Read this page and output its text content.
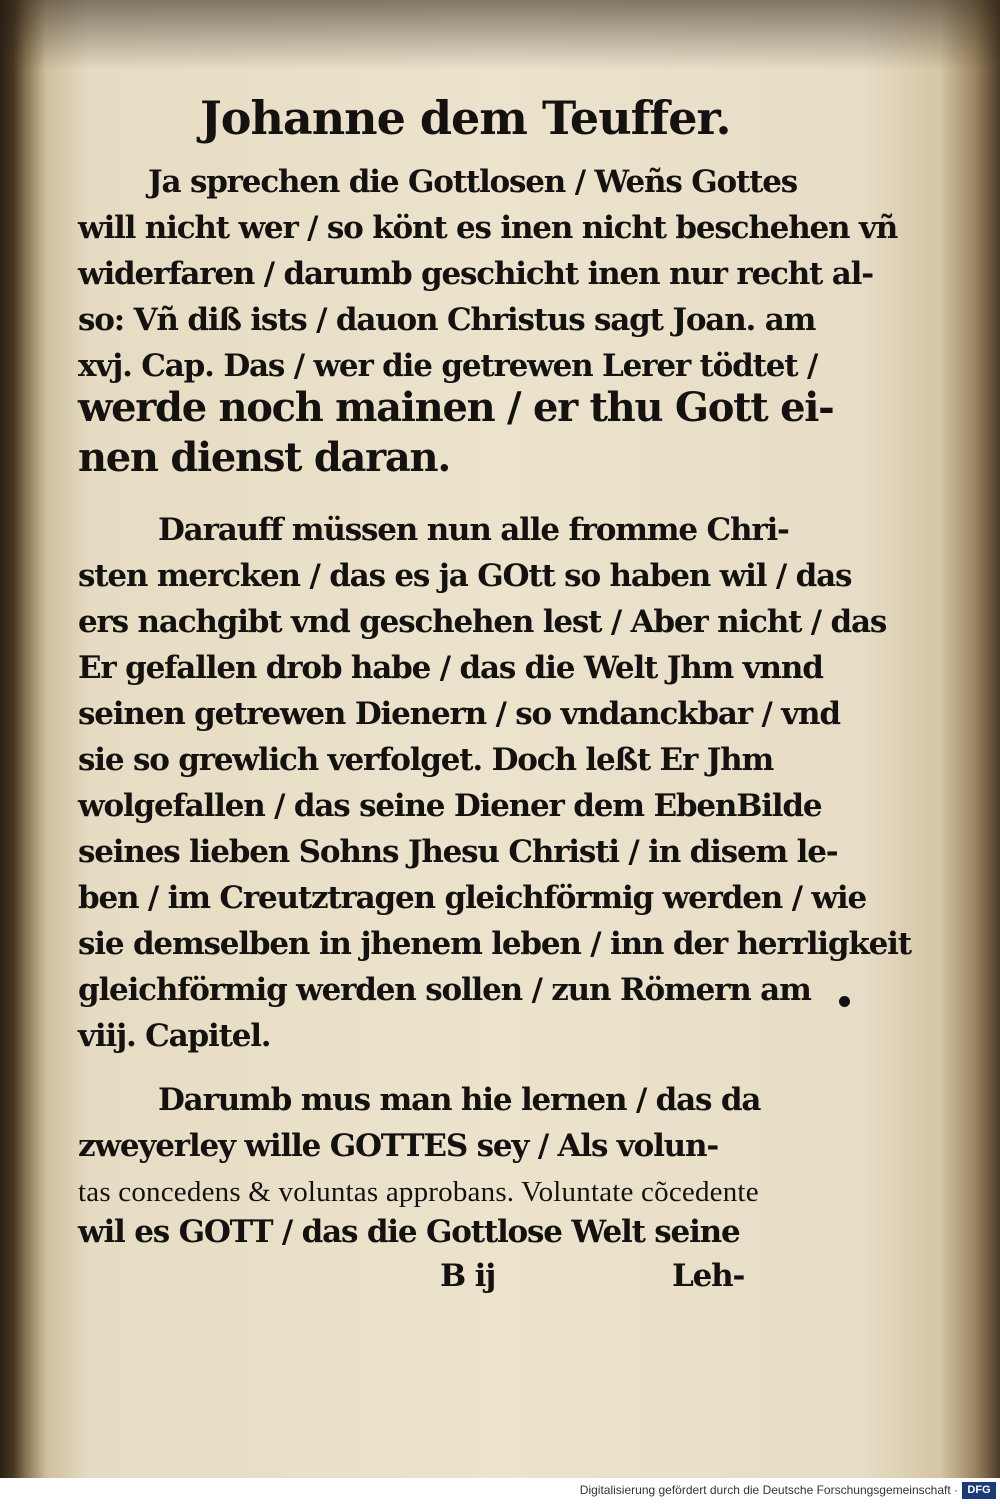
Johanne dem Teuffer.
Ja sprechen die Gottlosen / Weñs Gottes
will nicht wer / so könt es inen nicht beschehen vñ
widerfaren / darumb geschicht inen nur recht al-
so: Vñ diß ists / dauon Christus sagt Joan. am
xvj. Cap. Das / wer die getrewen Lerer tödtet /
werde noch mainen / er thu Gott ei-
nen dienst daran.
Darauff müssen nun alle fromme Chri-
sten mercken / das es ja GOtt so haben wil / das
ers nachgibt vnd geschehen lest / Aber nicht / das
Er gefallen drob habe / das die Welt Jhm vnnd
seinen getrewen Dienern / so vndanckbar / vnd
sie so grewlich verfolget. Doch leßt Er Jhm
wolgefallen / das seine Diener dem EbenBilde
seines lieben Sohns Jhesu Christi / in disem le-
ben / im Creutztragen gleichförmig werden / wie
sie demselben in jhenem leben / inn der herrligkeit
gleichförmig werden sollen / zun Römern am
viij. Capitel.
Darumb mus man hie lernen / das da
zweyerley wille GOTTES sey / Als volun-
tas concedens & voluntas approbans. Voluntate cõcedente
wil es GOTT / das die Gottlose Welt seine
B ij	Leh-
Digitalisierung gefördert durch die Deutsche Forschungsgemeinschaft · DFG
